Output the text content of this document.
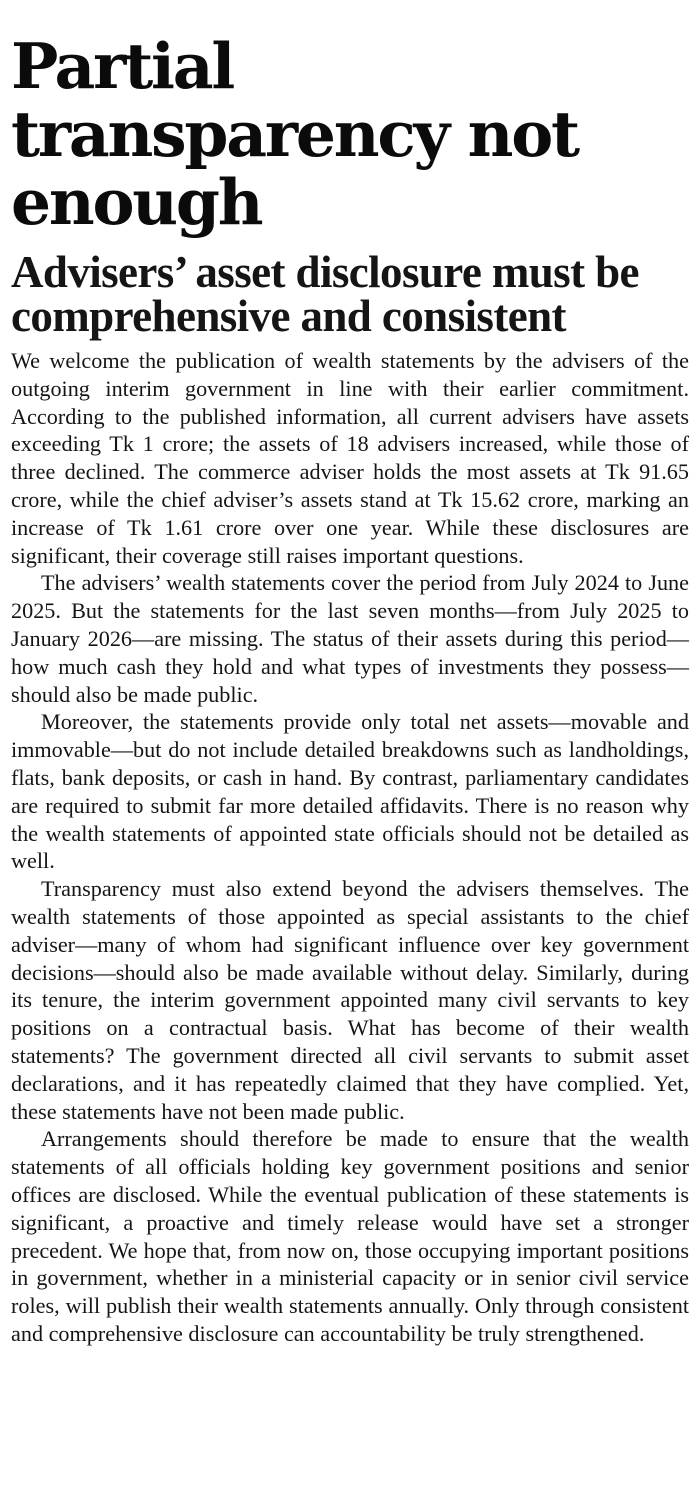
Partial transparency not enough
Advisers’ asset disclosure must be comprehensive and consistent

We welcome the publication of wealth statements by the advisers of the outgoing interim government in line with their earlier commitment. According to the published information, all current advisers have assets exceeding Tk 1 crore; the assets of 18 advisers increased, while those of three declined. The commerce adviser holds the most assets at Tk 91.65 crore, while the chief adviser’s assets stand at Tk 15.62 crore, marking an increase of Tk 1.61 crore over one year. While these disclosures are significant, their coverage still raises important questions.

The advisers’ wealth statements cover the period from July 2024 to June 2025. But the statements for the last seven months—from July 2025 to January 2026—are missing. The status of their assets during this period—how much cash they hold and what types of investments they possess—should also be made public.

Moreover, the statements provide only total net assets—movable and immovable—but do not include detailed breakdowns such as landholdings, flats, bank deposits, or cash in hand. By contrast, parliamentary candidates are required to submit far more detailed affidavits. There is no reason why the wealth statements of appointed state officials should not be detailed as well.

Transparency must also extend beyond the advisers themselves. The wealth statements of those appointed as special assistants to the chief adviser—many of whom had significant influence over key government decisions—should also be made available without delay. Similarly, during its tenure, the interim government appointed many civil servants to key positions on a contractual basis. What has become of their wealth statements? The government directed all civil servants to submit asset declarations, and it has repeatedly claimed that they have complied. Yet, these statements have not been made public.

Arrangements should therefore be made to ensure that the wealth statements of all officials holding key government positions and senior offices are disclosed. While the eventual publication of these statements is significant, a proactive and timely release would have set a stronger precedent. We hope that, from now on, those occupying important positions in government, whether in a ministerial capacity or in senior civil service roles, will publish their wealth statements annually. Only through consistent and comprehensive disclosure can accountability be truly strengthened.
